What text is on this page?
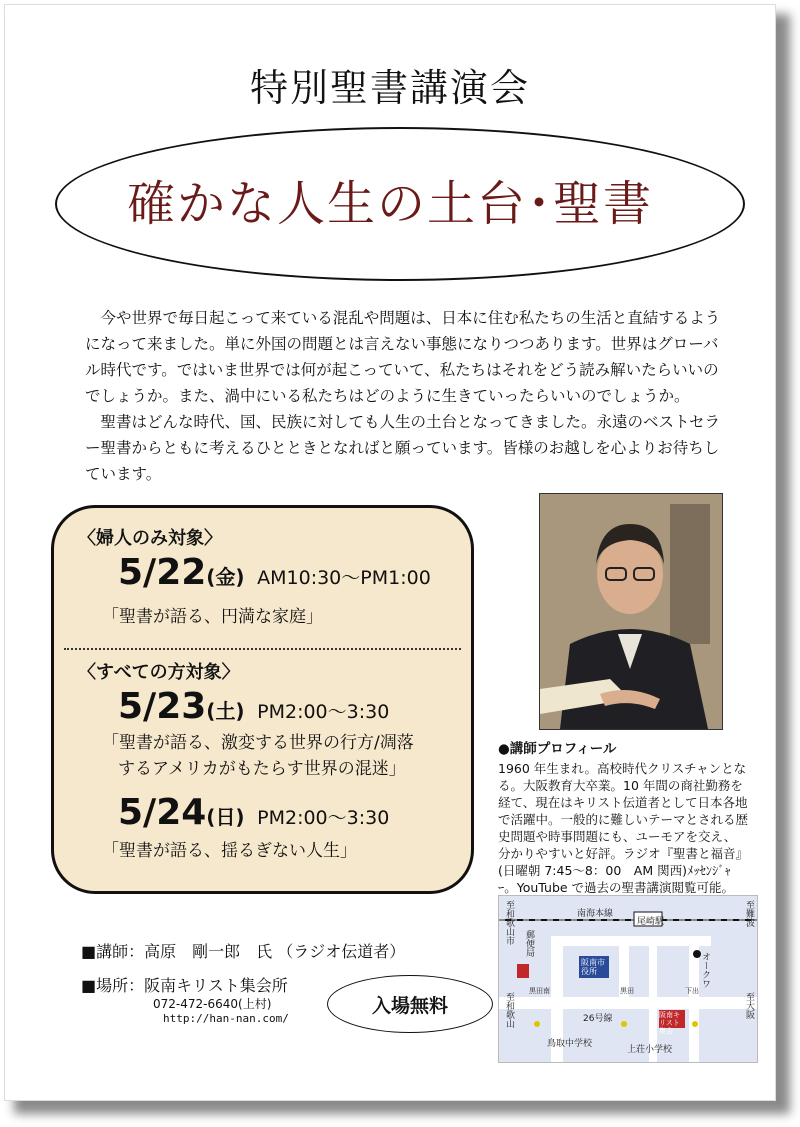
特別聖書講演会
確かな人生の土台･聖書

今や世界で毎日起こって来ている混乱や問題は、日本に住む私たちの生活と直結するようになって来ました。単に外国の問題とは言えない事態になりつつあります。世界はグローバル時代です。ではいま世界では何が起こっていて、私たちはそれをどう読み解いたらいいのでしょうか。また、渦中にいる私たちはどのように生きていったらいいのでしょうか。

聖書はどんな時代、国、民族に対しても人生の土台となってきました。永遠のベストセラー聖書からともに考えるひとときとなればと願っています。皆様のお越しを心よりお待ちしています。

〈婦人のみ対象〉
5/22(金) AM10:30～PM1:00
「聖書が語る、円満な家庭」
〈すべての方対象〉
5/23(土) PM2:00～3:30
「聖書が語る、激変する世界の行方/凋落
するアメリカがもたらす世界の混迷」
5/24(日) PM2:00～3:30
「聖書が語る、揺るぎない人生」
●講師プロフィール
1960 年生まれ。高校時代クリスチャンとなる。大阪教育大卒業。10 年間の商社勤務を経て、現在はキリスト伝道者として日本各地で活躍中。一般的に難しいテーマとされる歴史問題や時事問題にも、ユーモアを交え、分かりやすいと好評。ラジオ『聖書と福音』(日曜朝 7:45～8：00　AM 関西)ﾒｯｾﾝｼﾞｬｰ。YouTube で過去の聖書講演閲覧可能。
■講師：高原　剛一郎　氏 （ラジオ伝道者）
■場所：阪南キリスト集会所
072-472-6640(上村)
http://han-nan.com/
入場無料
南海本線
尾崎駅
至和歌山市	至難波
郵便局
阪南市役所	オークワ
26号線
至和歌山	至大阪
黒田南	黒田	下出
阪南キリスト集会
鳥取中学校
上荘小学校
